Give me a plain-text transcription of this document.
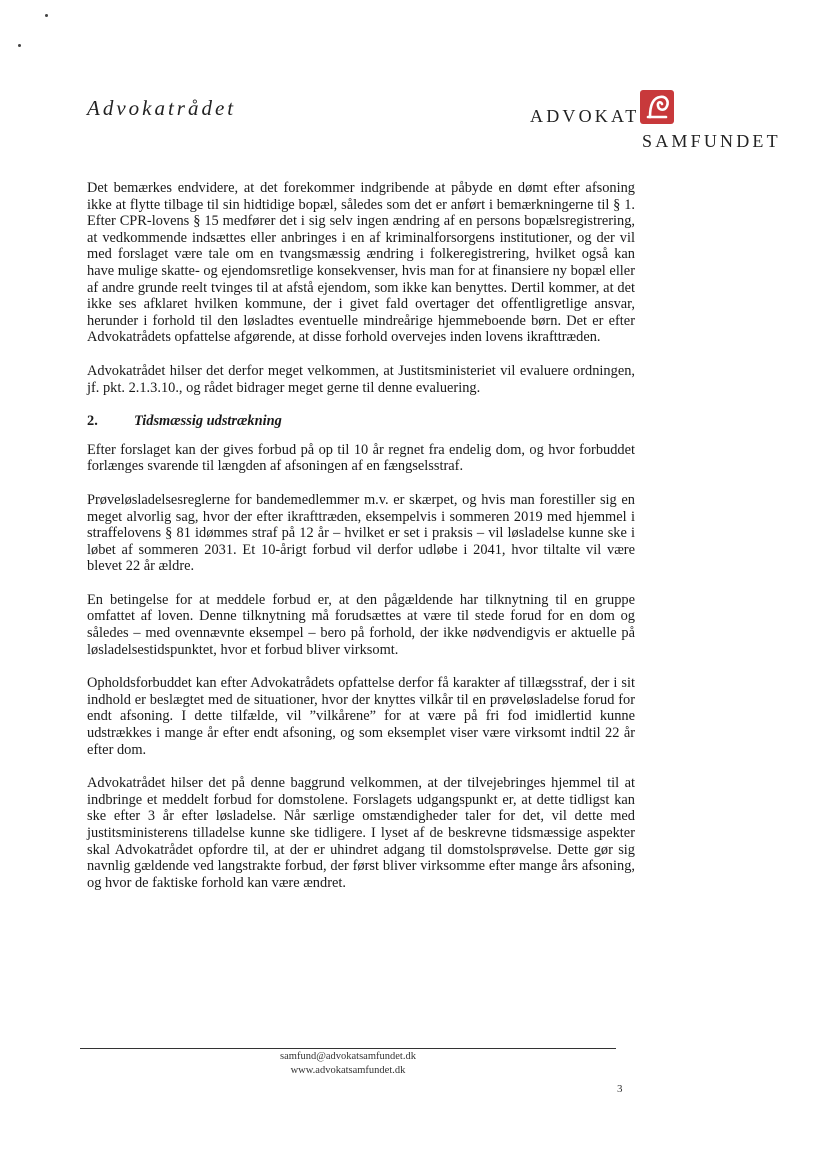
Advokatrådet	ADVOKAT
SAMFUNDET

Det bemærkes endvidere, at det forekommer indgribende at påbyde en dømt efter afsoning ikke at flytte tilbage til sin hidtidige bopæl, således som det er anført i bemærkningerne til § 1. Efter CPR-lovens § 15 medfører det i sig selv ingen ændring af en persons bopælsregistrering, at vedkommende indsættes eller anbringes i en af kriminalforsorgens institutioner, og der vil med forslaget være tale om en tvangsmæssig ændring i folkeregistrering, hvilket også kan have mulige skatte- og ejendomsretlige konsekvenser, hvis man for at finansiere ny bopæl eller af andre grunde reelt tvinges til at afstå ejendom, som ikke kan benyttes. Dertil kommer, at det ikke ses afklaret hvilken kommune, der i givet fald overtager det offentligretlige ansvar, herunder i forhold til den løsladtes eventuelle mindreårige hjemmeboende børn. Det er efter Advokatrådets opfattelse afgørende, at disse forhold overvejes inden lovens ikrafttræden.

Advokatrådet hilser det derfor meget velkommen, at Justitsministeriet vil evaluere ordningen, jf. pkt. 2.1.3.10., og rådet bidrager meget gerne til denne evaluering.

2.	Tidsmæssig udstrækning

Efter forslaget kan der gives forbud på op til 10 år regnet fra endelig dom, og hvor forbuddet forlænges svarende til længden af afsoningen af en fængselsstraf.

Prøveløsladelsesreglerne for bandemedlemmer m.v. er skærpet, og hvis man forestiller sig en meget alvorlig sag, hvor der efter ikrafttræden, eksempelvis i sommeren 2019 med hjemmel i straffelovens § 81 idømmes straf på 12 år – hvilket er set i praksis – vil løsladelse kunne ske i løbet af sommeren 2031. Et 10-årigt forbud vil derfor udløbe i 2041, hvor tiltalte vil være blevet 22 år ældre.

En betingelse for at meddele forbud er, at den pågældende har tilknytning til en gruppe omfattet af loven. Denne tilknytning må forudsættes at være til stede forud for en dom og således – med ovennævnte eksempel – bero på forhold, der ikke nødvendigvis er aktuelle på løsladelsestidspunktet, hvor et forbud bliver virksomt.

Opholdsforbuddet kan efter Advokatrådets opfattelse derfor få karakter af tillægsstraf, der i sit indhold er beslægtet med de situationer, hvor der knyttes vilkår til en prøveløsladelse forud for endt afsoning. I dette tilfælde, vil ”vilkårene” for at være på fri fod imidlertid kunne udstrækkes i mange år efter endt afsoning, og som eksemplet viser være virksomt indtil 22 år efter dom.

Advokatrådet hilser det på denne baggrund velkommen, at der tilvejebringes hjemmel til at indbringe et meddelt forbud for domstolene. Forslagets udgangspunkt er, at dette tidligst kan ske efter 3 år efter løsladelse. Når særlige omstændigheder taler for det, vil dette med justitsministerens tilladelse kunne ske tidligere. I lyset af de beskrevne tidsmæssige aspekter skal Advokatrådet opfordre til, at der er uhindret adgang til domstolsprøvelse. Dette gør sig navnlig gældende ved langstrakte forbud, der først bliver virksomme efter mange års afsoning, og hvor de faktiske forhold kan være ændret.

samfund@advokatsamfundet.dk
www.advokatsamfundet.dk
3
